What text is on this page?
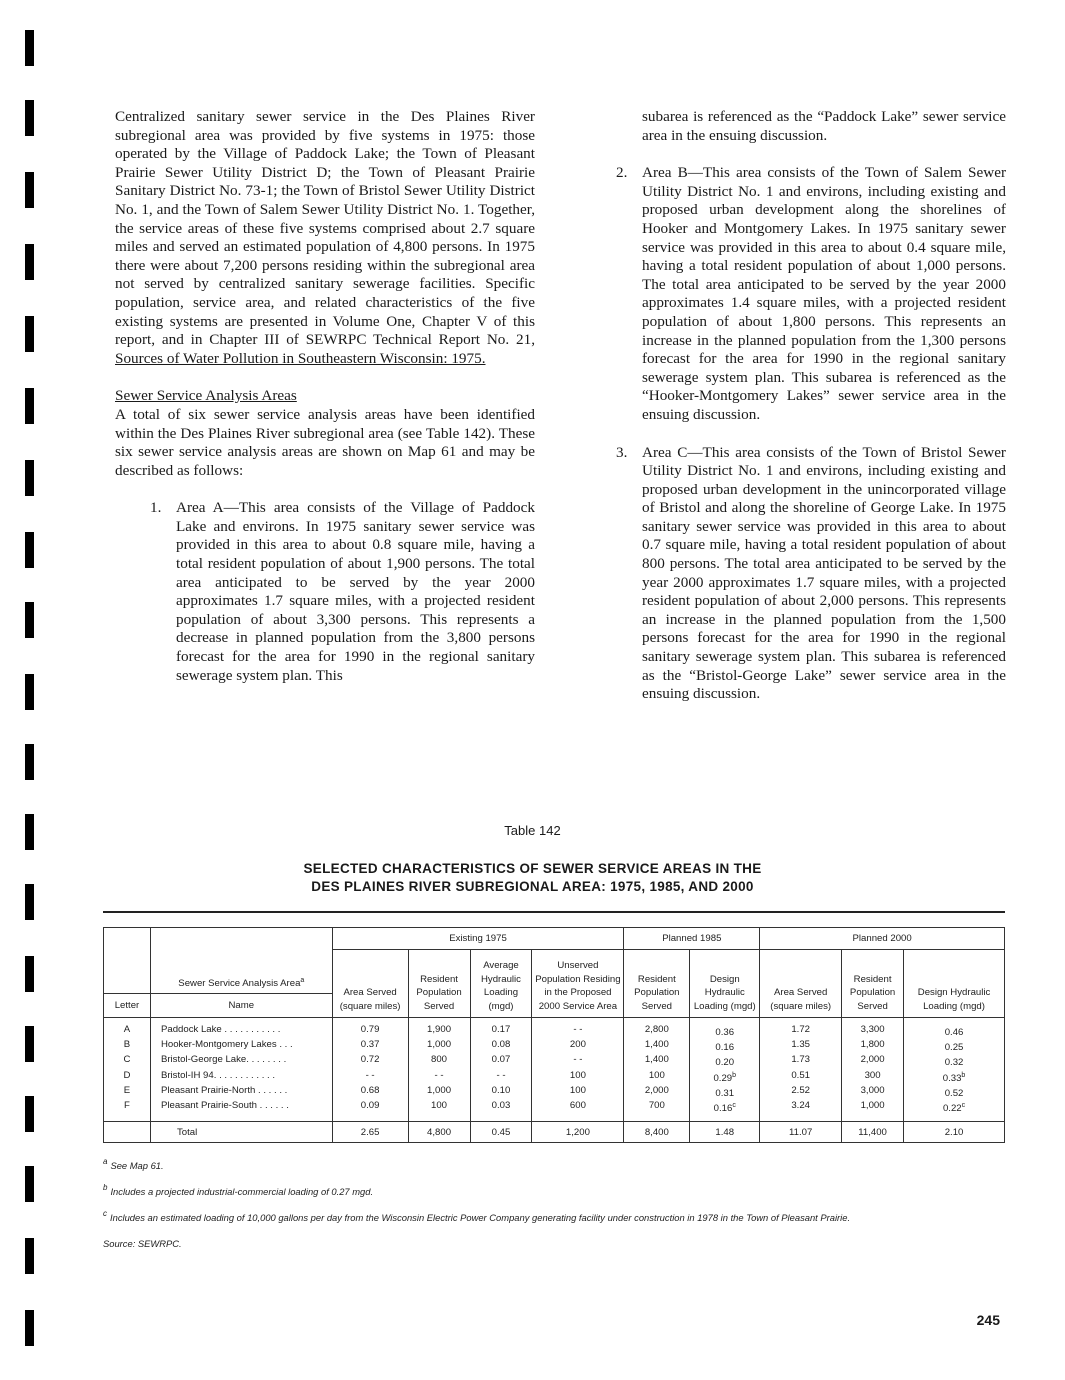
Centralized sanitary sewer service in the Des Plaines River subregional area was provided by five systems in 1975: those operated by the Village of Paddock Lake; the Town of Pleasant Prairie Sewer Utility District D; the Town of Pleasant Prairie Sanitary District No. 73-1; the Town of Bristol Sewer Utility District No. 1, and the Town of Salem Sewer Utility District No. 1. Together, the service areas of these five systems comprised about 2.7 square miles and served an estimated population of 4,800 persons. In 1975 there were about 7,200 persons residing within the subregional area not served by centralized sanitary sewerage facilities. Specific population, service area, and related characteristics of the five existing systems are presented in Volume One, Chapter V of this report, and in Chapter III of SEWRPC Technical Report No. 21, Sources of Water Pollution in Southeastern Wisconsin: 1975.

Sewer Service Analysis Areas

A total of six sewer service analysis areas have been identified within the Des Plaines River subregional area (see Table 142). These six sewer service analysis areas are shown on Map 61 and may be described as follows:

1. Area A—This area consists of the Village of Paddock Lake and environs. In 1975 sanitary sewer service was provided in this area to about 0.8 square mile, having a total resident population of about 1,900 persons. The total area anticipated to be served by the year 2000 approximates 1.7 square miles, with a projected resident population of about 3,300 persons. This represents a decrease in planned population from the 3,800 persons forecast for the area for 1990 in the regional sanitary sewerage system plan. This

subarea is referenced as the “Paddock Lake” sewer service area in the ensuing discussion.

2. Area B—This area consists of the Town of Salem Sewer Utility District No. 1 and environs, including existing and proposed urban development along the shorelines of Hooker and Montgomery Lakes. In 1975 sanitary sewer service was provided in this area to about 0.4 square mile, having a total resident population of about 1,000 persons. The total area anticipated to be served by the year 2000 approximates 1.4 square miles, with a projected resident population of about 1,800 persons. This represents an increase in the planned population from the 1,300 persons forecast for the area for 1990 in the regional sanitary sewerage system plan. This subarea is referenced as the “Hooker-Montgomery Lakes” sewer service area in the ensuing discussion.
3. Area C—This area consists of the Town of Bristol Sewer Utility District No. 1 and environs, including existing and proposed urban development in the unincorporated village of Bristol and along the shoreline of George Lake. In 1975 sanitary sewer service was provided in this area to about 0.7 square mile, having a total resident population of about 800 persons. The total area anticipated to be served by the year 2000 approximates 1.7 square miles, with a projected resident population of about 2,000 persons. This represents an increase in the planned population from the 1,500 persons forecast for the area for 1990 in the regional sanitary sewerage system plan. This subarea is referenced as the “Bristol-George Lake” sewer service area in the ensuing discussion.
Table 142
SELECTED CHARACTERISTICS OF SEWER SERVICE AREAS IN THE
DES PLAINES RIVER SUBREGIONAL AREA: 1975, 1985, AND 2000
	Sewer Service Analysis Area$^a$	Existing 1975				Planned 1985		Planned 2000		
		Area Served (square miles)	Resident Population Served	Average Hydraulic Loading (mgd)	Unserved Population Residing in the Proposed 2000 Service Area	Resident Population Served	Design Hydraulic Loading (mgd)	Area Served (square miles)	Resident Population Served	Design Hydraulic Loading (mgd)
Letter	Name									
A	Paddock Lake . . . . . . . . . . .	0.79	1,900	0.17	- -	2,800	0.36	1.72	3,300	0.46
B	Hooker-Montgomery Lakes . . .	0.37	1,000	0.08	200	1,400	0.16	1.35	1,800	0.25
C	Bristol-George Lake. . . . . . . .	0.72	800	0.07	- -	1,400	0.20	1.73	2,000	0.32
D	Bristol-IH 94. . . . . . . . . . . .	- -	- -	- -	100	100	0.29$^b$	0.51	300	0.33$^b$
E	Pleasant Prairie-North . . . . . .	0.68	1,000	0.10	100	2,000	0.31	2.52	3,000	0.52
F	Pleasant Prairie-South . . . . . .	0.09	100	0.03	600	700	0.16$^c$	3.24	1,000	0.22$^c$
	Total	2.65	4,800	0.45	1,200	8,400	1.48	11.07	11,400	2.10
a See Map 61.
b Includes a projected industrial-commercial loading of 0.27 mgd.
c Includes an estimated loading of 10,000 gallons per day from the Wisconsin Electric Power Company generating facility under construction in 1978 in the Town of Pleasant Prairie.
Source: SEWRPC.
245
